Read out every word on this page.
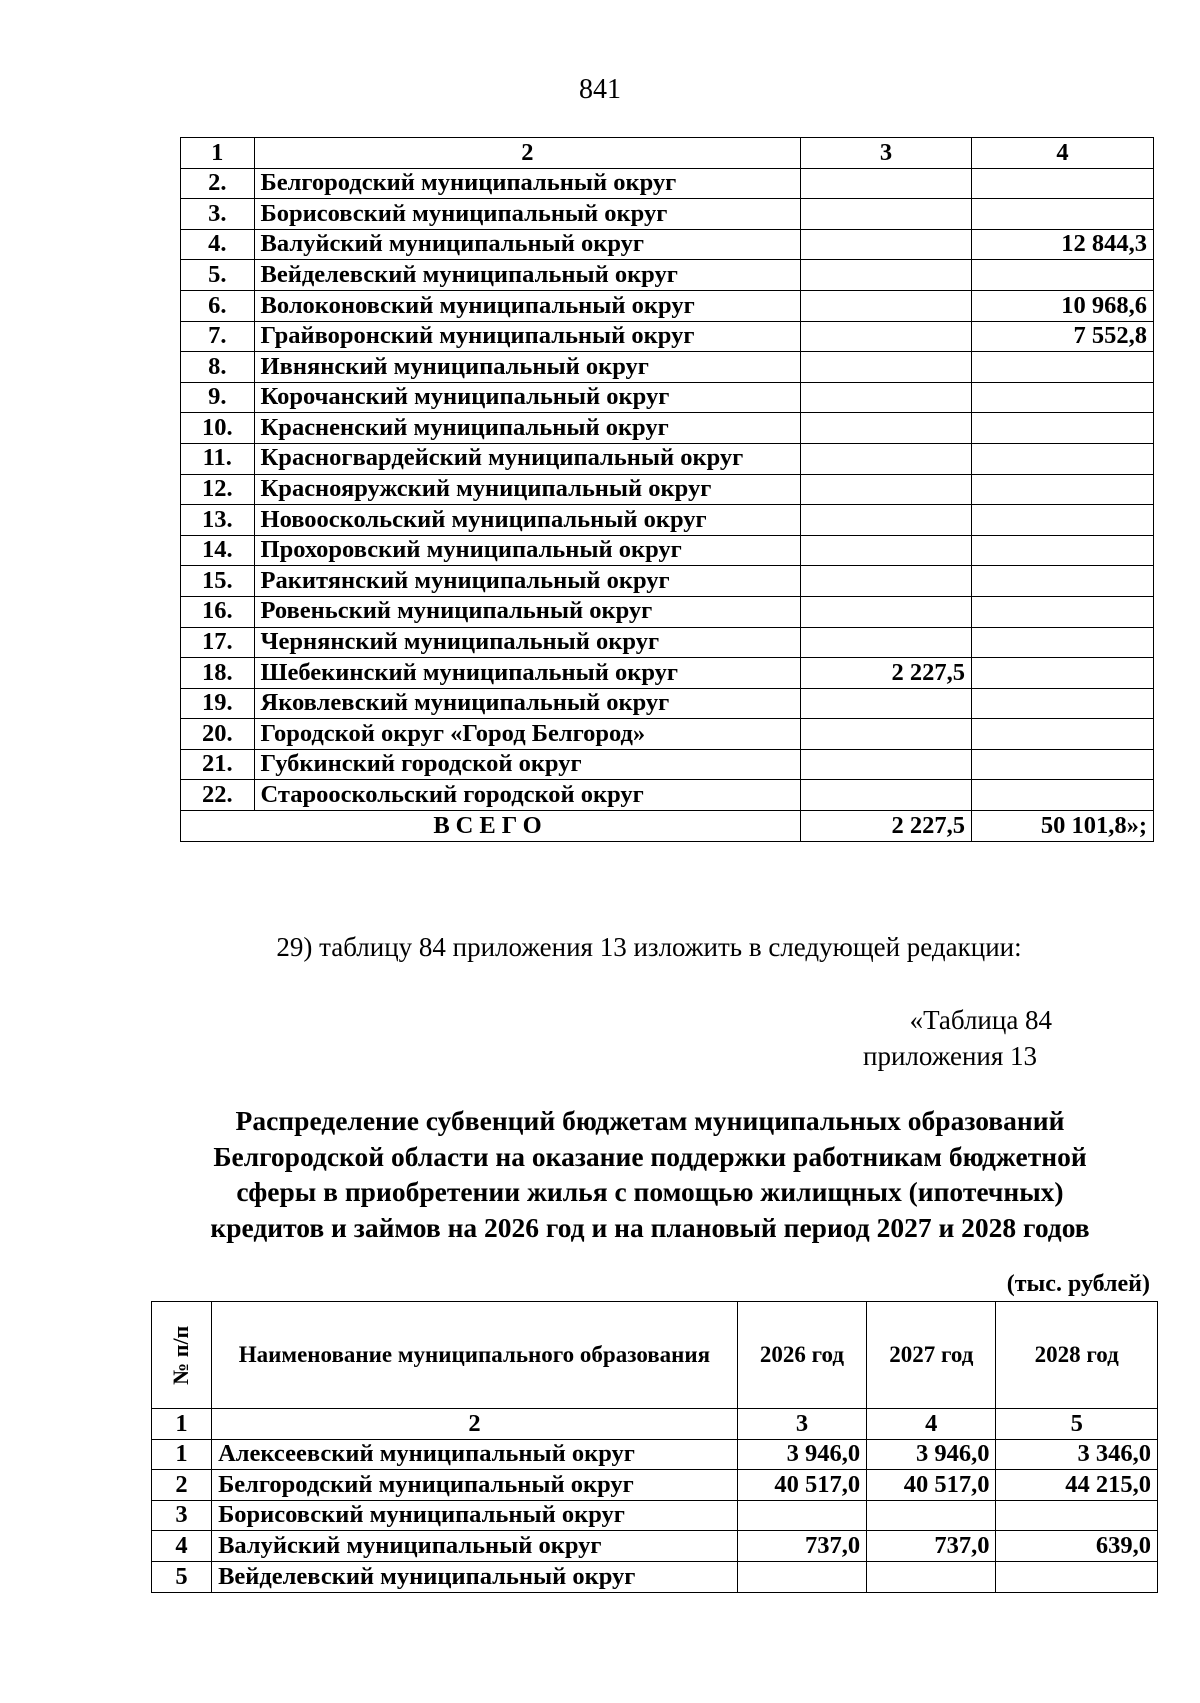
841
1	2	3	4
2.	Белгородский муниципальный округ		
3.	Борисовский муниципальный округ		
4.	Валуйский муниципальный округ		12 844,3
5.	Вейделевский муниципальный округ		
6.	Волоконовский муниципальный округ		10 968,6
7.	Грайворонский муниципальный округ		7 552,8
8.	Ивнянский муниципальный округ		
9.	Корочанский муниципальный округ		
10.	Красненский муниципальный округ		
11.	Красногвардейский муниципальный округ		
12.	Краснояружский муниципальный округ		
13.	Новооскольский муниципальный округ		
14.	Прохоровский муниципальный округ		
15.	Ракитянский муниципальный округ		
16.	Ровеньский муниципальный округ		
17.	Чернянский муниципальный округ		
18.	Шебекинский муниципальный округ	2 227,5	
19.	Яковлевский муниципальный округ		
20.	Городской округ «Город Белгород»		
21.	Губкинский городской округ		
22.	Старооскольский городской округ		
ВСЕГО		2 227,5	50 101,8»;
29) таблицу 84 приложения 13 изложить в следующей редакции:
«Таблица 84
приложения 13
Распределение субвенций бюджетам муниципальных образований
Белгородской области на оказание поддержки работникам бюджетной
сферы в приобретении жилья с помощью жилищных (ипотечных)
кредитов и займов на 2026 год и на плановый период 2027 и 2028 годов
(тыс. рублей)
№ п/п	Наименование муниципального образования	2026 год	2027 год	2028 год
1	2	3	4	5
1	Алексеевский муниципальный округ	3 946,0	3 946,0	3 346,0
2	Белгородский муниципальный округ	40 517,0	40 517,0	44 215,0
3	Борисовский муниципальный округ			
4	Валуйский муниципальный округ	737,0	737,0	639,0
5	Вейделевский муниципальный округ			
